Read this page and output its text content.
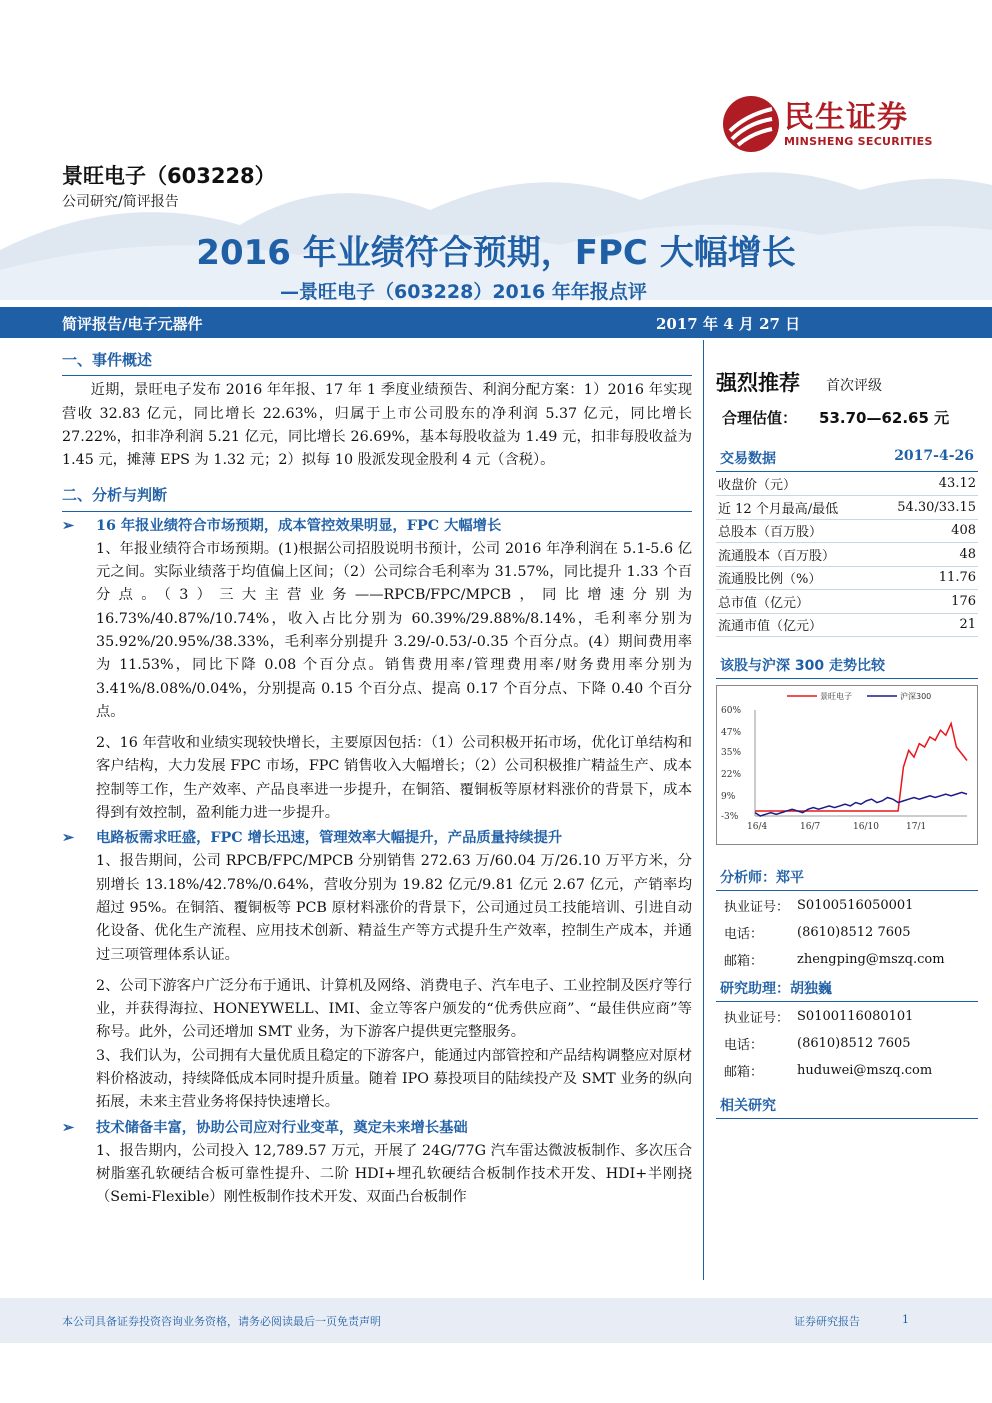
民生证券
MINSHENG SECURITIES
景旺电子（603228）
公司研究/简评报告
2016 年业绩符合预期，FPC 大幅增长
—景旺电子（603228）2016 年年报点评
简评报告/电子元器件	2017 年 4 月 27 日
一、事件概述

近期，景旺电子发布 2016 年年报、17 年 1 季度业绩预告、利润分配方案：1）2016 年实现营收 32.83 亿元，同比增长 22.63%，归属于上市公司股东的净利润 5.37 亿元，同比增长 27.22%，扣非净利润 5.21 亿元，同比增长 26.69%，基本每股收益为 1.49 元，扣非每股收益为 1.45 元，摊薄 EPS 为 1.32 元；2）拟每 10 股派发现金股利 4 元（含税）。

二、分析与判断
➢	16 年报业绩符合市场预期，成本管控效果明显，FPC 大幅增长

1、年报业绩符合市场预期。(1)根据公司招股说明书预计，公司 2016 年净利润在 5.1-5.6 亿元之间。实际业绩落于均值偏上区间；（2）公司综合毛利率为 31.57%，同比提升 1.33 个百分点。（3）三大主营业务——RPCB/FPC/MPCB，同比增速分别为 16.73%/40.87%/10.74%，收入占比分别为 60.39%/29.88%/8.14%，毛利率分别为 35.92%/20.95%/38.33%，毛利率分别提升 3.29/-0.53/-0.35 个百分点。(4）期间费用率为 11.53%，同比下降 0.08 个百分点。销售费用率/管理费用率/财务费用率分别为 3.41%/8.08%/0.04%，分别提高 0.15 个百分点、提高 0.17 个百分点、下降 0.40 个百分点。

2、16 年营收和业绩实现较快增长，主要原因包括：（1）公司积极开拓市场，优化订单结构和客户结构，大力发展 FPC 市场，FPC 销售收入大幅增长；（2）公司积极推广精益生产、成本控制等工作，生产效率、产品良率进一步提升，在铜箔、覆铜板等原材料涨价的背景下，成本得到有效控制，盈利能力进一步提升。

➢	电路板需求旺盛，FPC 增长迅速，管理效率大幅提升，产品质量持续提升

1、报告期间，公司 RPCB/FPC/MPCB 分别销售 272.63 万/60.04 万/26.10 万平方米，分别增长 13.18%/42.78%/0.64%，营收分别为 19.82 亿元/9.81 亿元 2.67 亿元，产销率均超过 95%。在铜箔、覆铜板等 PCB 原材料涨价的背景下，公司通过员工技能培训、引进自动化设备、优化生产流程、应用技术创新、精益生产等方式提升生产效率，控制生产成本，并通过三项管理体系认证。

2、公司下游客户广泛分布于通讯、计算机及网络、消费电子、汽车电子、工业控制及医疗等行业，并获得海拉、HONEYWELL、IMI、金立等客户颁发的“优秀供应商”、“最佳供应商”等称号。此外，公司还增加 SMT 业务，为下游客户提供更完整服务。

3、我们认为，公司拥有大量优质且稳定的下游客户，能通过内部管控和产品结构调整应对原材料价格波动，持续降低成本同时提升质量。随着 IPO 募投项目的陆续投产及 SMT 业务的纵向拓展，未来主营业务将保持快速增长。

➢	技术储备丰富，协助公司应对行业变革，奠定未来增长基础

1、报告期内，公司投入 12,789.57 万元，开展了 24G/77G 汽车雷达微波板制作、多次压合树脂塞孔软硬结合板可靠性提升、二阶 HDI+埋孔软硬结合板制作技术开发、HDI+半刚挠（Semi-Flexible）刚性板制作技术开发、双面凸台板制作

强烈推荐 首次评级
合理估值： 53.70—62.65 元
交易数据	2017-4-26
收盘价（元）	43.12
近 12 个月最高/最低	54.30/33.15
总股本（百万股）	408
流通股本（百万股）	48
流通股比例（%）	11.76
总市值（亿元）	176
流通市值（亿元）	21
该股与沪深 300 走势比较
60%
47%
35%
22%
9%
-3%
16/4	16/7	16/10	17/1
景旺电子	沪深300
分析师：郑平
执业证号：	S0100516050001
电话：	(8610)8512 7605
邮箱：	zhengping@mszq.com
研究助理：胡独巍
执业证号：	S0100116080101
电话：	(8610)8512 7605
邮箱：	huduwei@mszq.com
相关研究
本公司具备证券投资咨询业务资格，请务必阅读最后一页免责声明	证券研究报告	1
